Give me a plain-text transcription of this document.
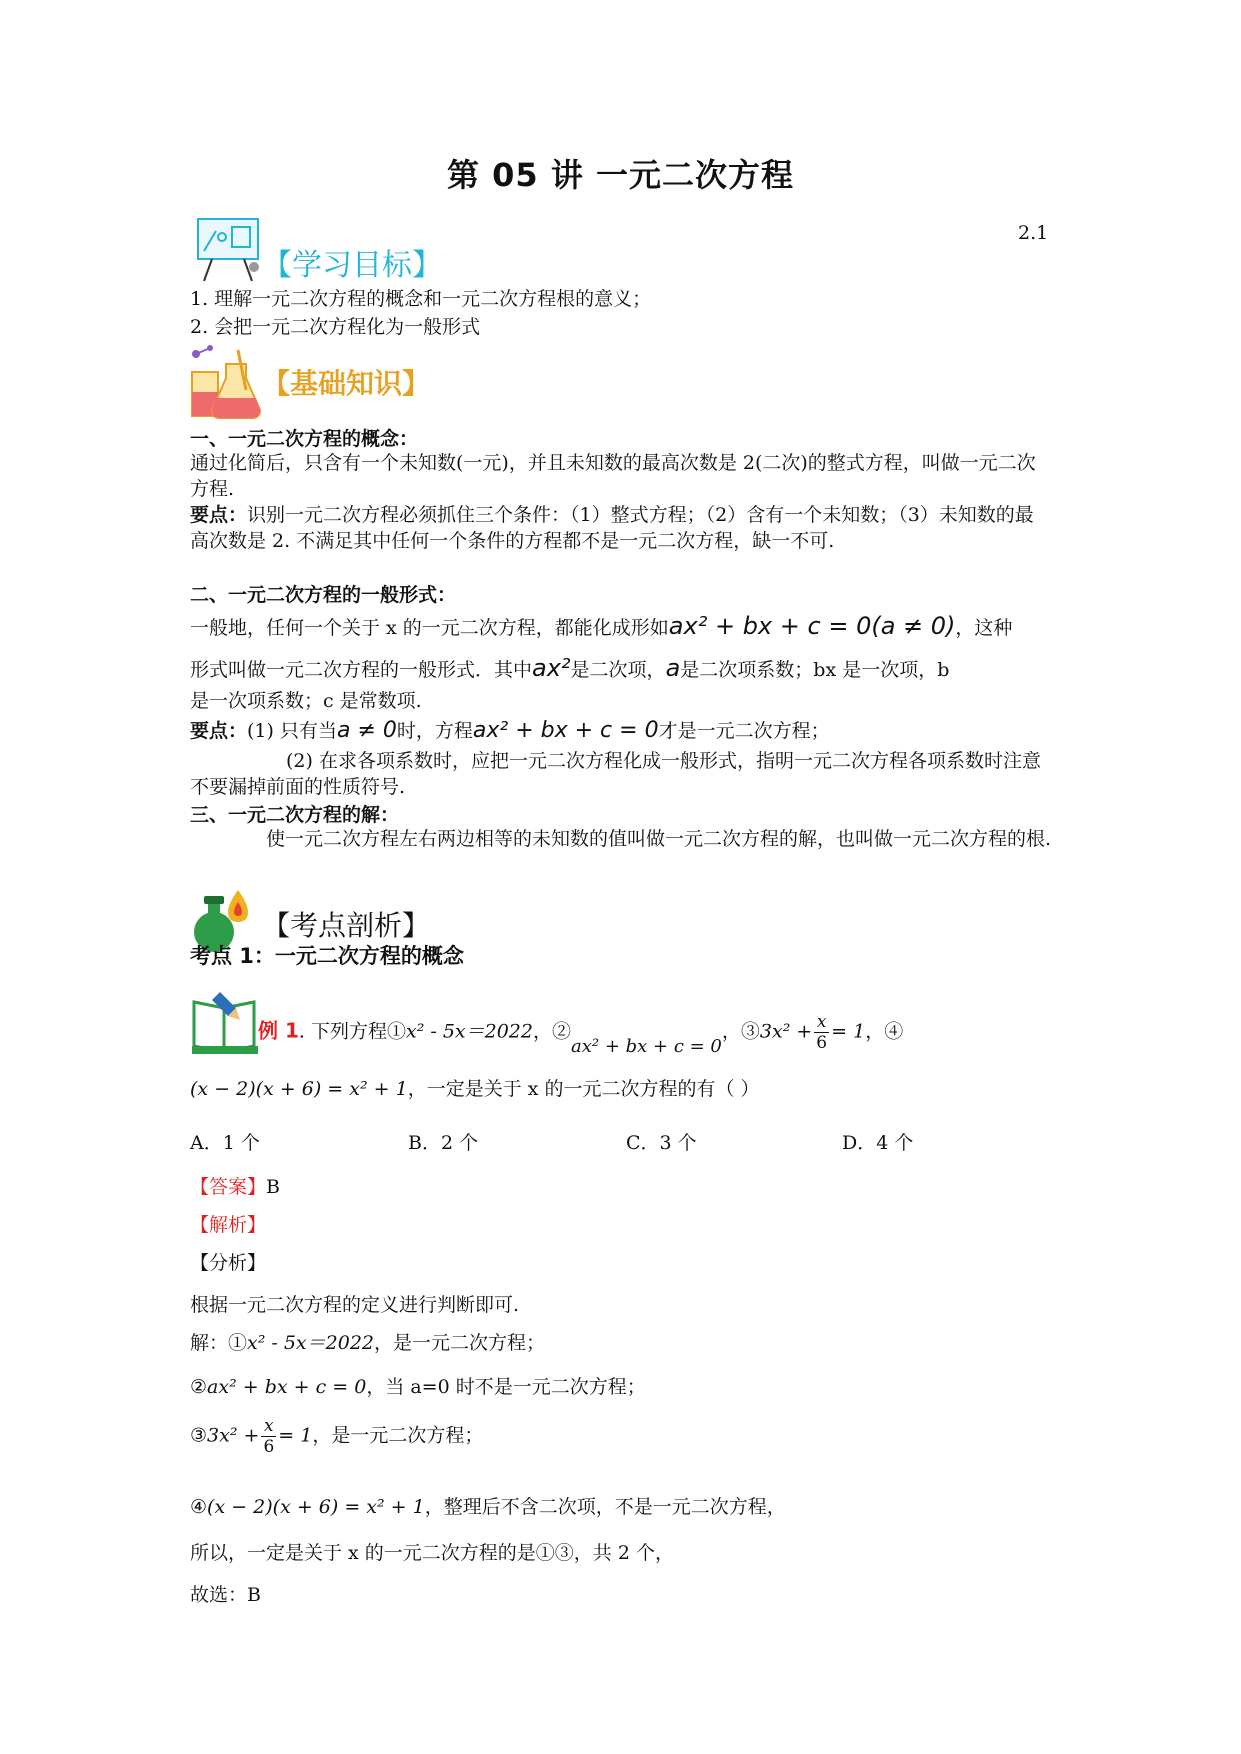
第 05 讲 一元二次方程
2.1
【学习目标】
1. 理解一元二次方程的概念和一元二次方程根的意义；
2. 会把一元二次方程化为一般形式
【基础知识】
一、一元二次方程的概念：
通过化简后，只含有一个未知数(一元)，并且未知数的最高次数是 2(二次)的整式方程，叫做一元二次方程.
要点：识别一元二次方程必须抓住三个条件：（1）整式方程；（2）含有一个未知数；（3）未知数的最高次数是 2. 不满足其中任何一个条件的方程都不是一元二次方程，缺一不可.
二、一元二次方程的一般形式：
一般地，任何一个关于 x 的一元二次方程，都能化成形如ax² + bx + c = 0(a ≠ 0)，这种
形式叫做一元二次方程的一般形式．其中ax²是二次项，a是二次项系数；bx 是一次项，b
是一次项系数；c 是常数项.
要点：(1) 只有当a ≠ 0时，方程ax² + bx + c = 0才是一元二次方程；
(2) 在求各项系数时，应把一元二次方程化成一般形式，指明一元二次方程各项系数时注意不要漏掉前面的性质符号.
三、一元二次方程的解：
使一元二次方程左右两边相等的未知数的值叫做一元二次方程的解，也叫做一元二次方程的根.
【考点剖析】
考点 1：一元二次方程的概念
例 1. 下列方程①x² - 5x＝2022，②ax² + bx + c = 0，③3x² + $\frac{x}{6} = 1$，④
(x − 2)(x + 6) = x² + 1，一定是关于 x 的一元二次方程的有（ ）
A．1 个	B．2 个	C．3 个	D．4 个
【答案】B
【解析】
【分析】
根据一元二次方程的定义进行判断即可.
解：①x² - 5x＝2022，是一元二次方程；
②ax² + bx + c = 0，当 a=0 时不是一元二次方程；
③3x² + $\frac{x}{6} = 1$，是一元二次方程；
④(x − 2)(x + 6) = x² + 1，整理后不含二次项，不是一元二次方程，
所以，一定是关于 x 的一元二次方程的是①③，共 2 个，
故选：B
